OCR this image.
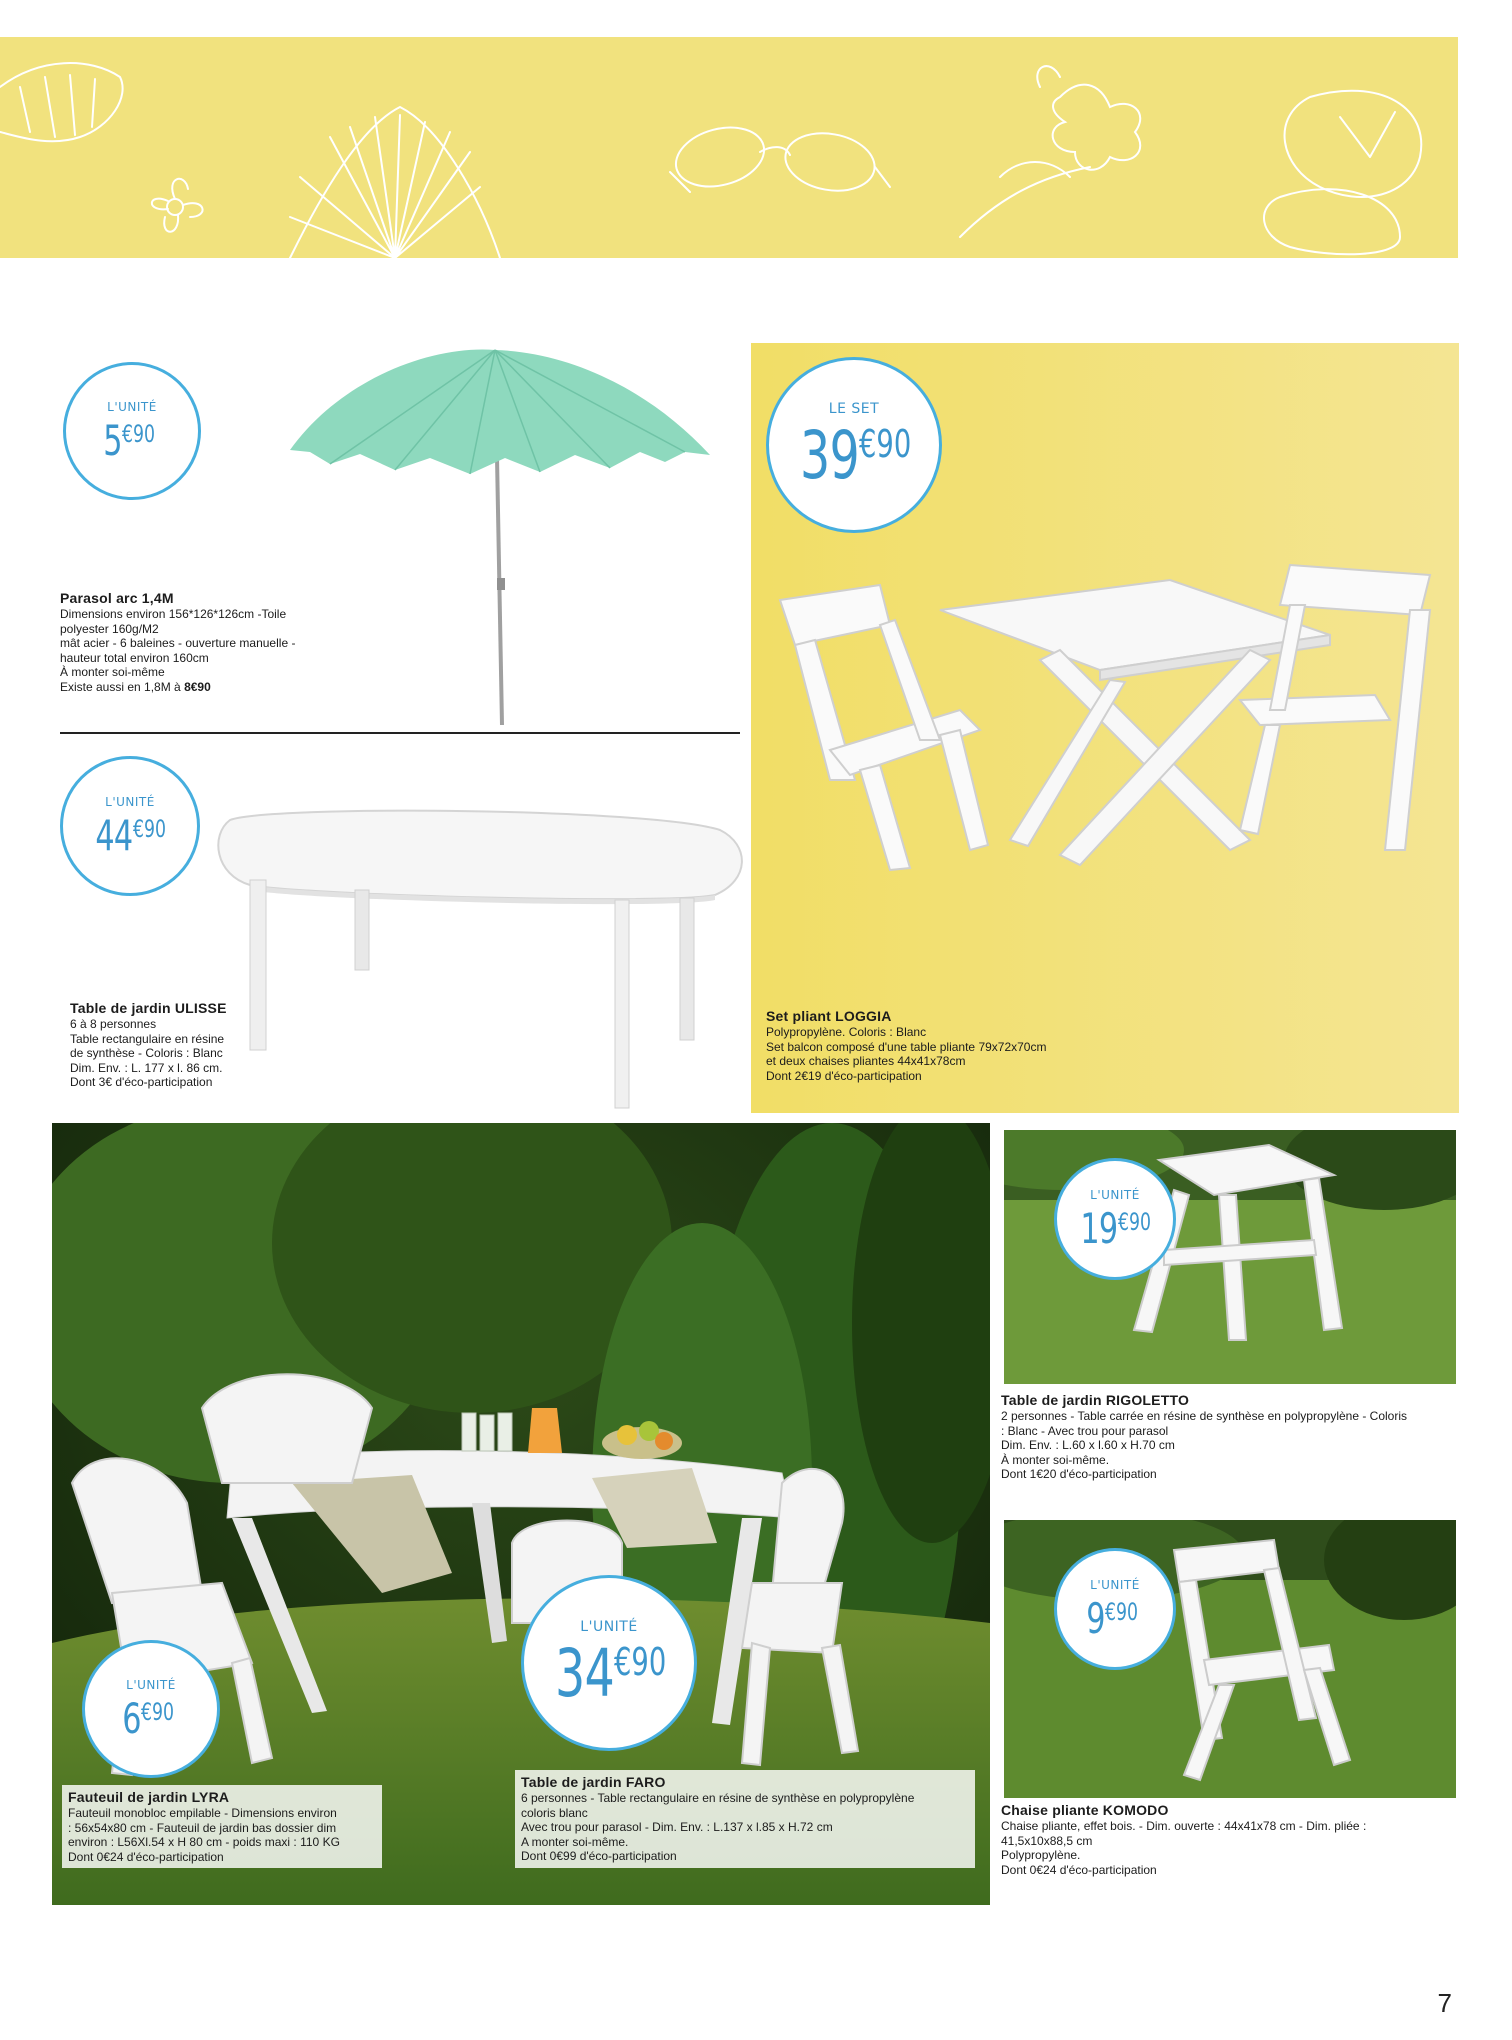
L'UNITÉ
5 €90
Parasol arc 1,4M
Dimensions environ 156*126*126cm -Toile
polyester 160g/M2
mât acier - 6 baleines - ouverture manuelle -
hauteur total environ 160cm
À monter soi-même
Existe aussi en 1,8M à 8€90
L'UNITÉ
44 €90
Table de jardin ULISSE
6 à 8 personnes
Table rectangulaire en résine
de synthèse - Coloris : Blanc
Dim. Env. : L. 177 x l. 86 cm.
Dont 3€ d'éco-participation
LE SET
39 €90
Set pliant LOGGIA
Polypropylène. Coloris : Blanc
Set balcon composé d'une table pliante 79x72x70cm
et deux chaises pliantes 44x41x78cm
Dont 2€19 d'éco-participation
L'UNITÉ
6 €90
L'UNITÉ
34 €90
Fauteuil de jardin LYRA
Fauteuil monobloc empilable - Dimensions environ
: 56x54x80 cm - Fauteuil de jardin bas dossier dim
environ : L56Xl.54 x H 80 cm - poids maxi : 110 KG
Dont 0€24 d'éco-participation
Table de jardin FARO
6 personnes - Table rectangulaire en résine de synthèse en polypropylène
coloris blanc
Avec trou pour parasol - Dim. Env. : L.137 x l.85 x H.72 cm
A monter soi-même.
Dont 0€99 d'éco-participation
L'UNITÉ
19 €90
Table de jardin RIGOLETTO
2 personnes - Table carrée en résine de synthèse en polypropylène - Coloris
: Blanc - Avec trou pour parasol
Dim. Env. : L.60 x l.60 x H.70 cm
À monter soi-même.
Dont 1€20 d'éco-participation
L'UNITÉ
9 €90
Chaise pliante KOMODO
Chaise pliante, effet bois. - Dim. ouverte : 44x41x78 cm - Dim. pliée :
41,5x10x88,5 cm
Polypropylène.
Dont 0€24 d'éco-participation
7
